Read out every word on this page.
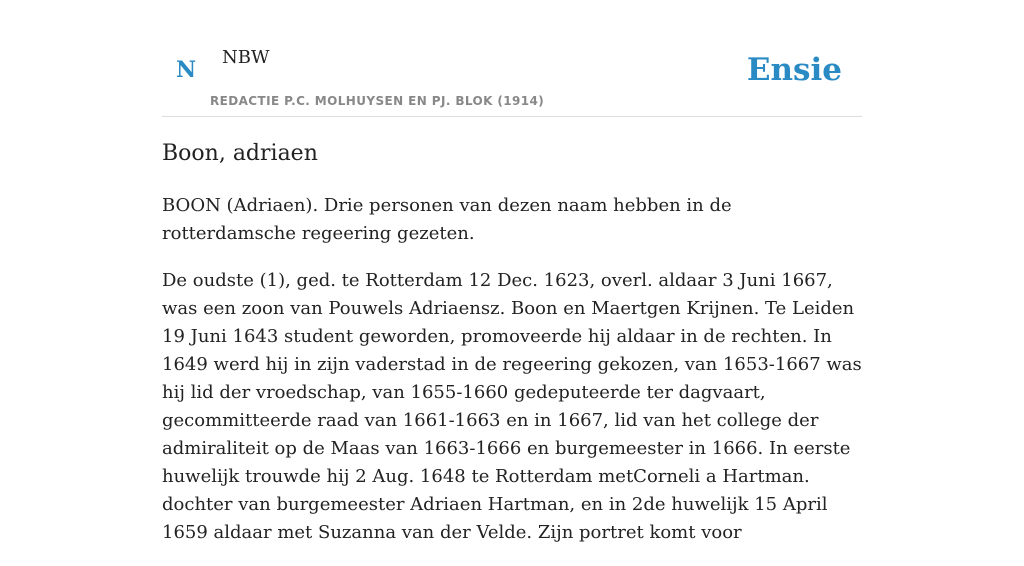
N NBW
REDACTIE P.C. MOLHUYSEN EN PJ. BLOK (1914)
Ensie
Boon, adriaen

BOON (Adriaen). Drie personen van dezen naam hebben in de rotterdamsche regeering gezeten.

De oudste (1), ged. te Rotterdam 12 Dec. 1623, overl. aldaar 3 Juni 1667, was een zoon van Pouwels Adriaensz. Boon en Maertgen Krijnen. Te Leiden 19 Juni 1643 student geworden, promoveerde hij aldaar in de rechten. In 1649 werd hij in zijn vaderstad in de regeering gekozen, van 1653-1667 was hij lid der vroedschap, van 1655-1660 gedeputeerde ter dagvaart, gecommitteerde raad van 1661-1663 en in 1667, lid van het college der admiraliteit op de Maas van 1663-1666 en burgemeester in 1666. In eerste huwelijk trouwde hij 2 Aug. 1648 te Rotterdam metCorneli a Hartman. dochter van burgemeester Adriaen Hartman, en in 2de huwelijk 15 April 1659 aldaar met Suzanna van der Velde. Zijn portret komt voor
